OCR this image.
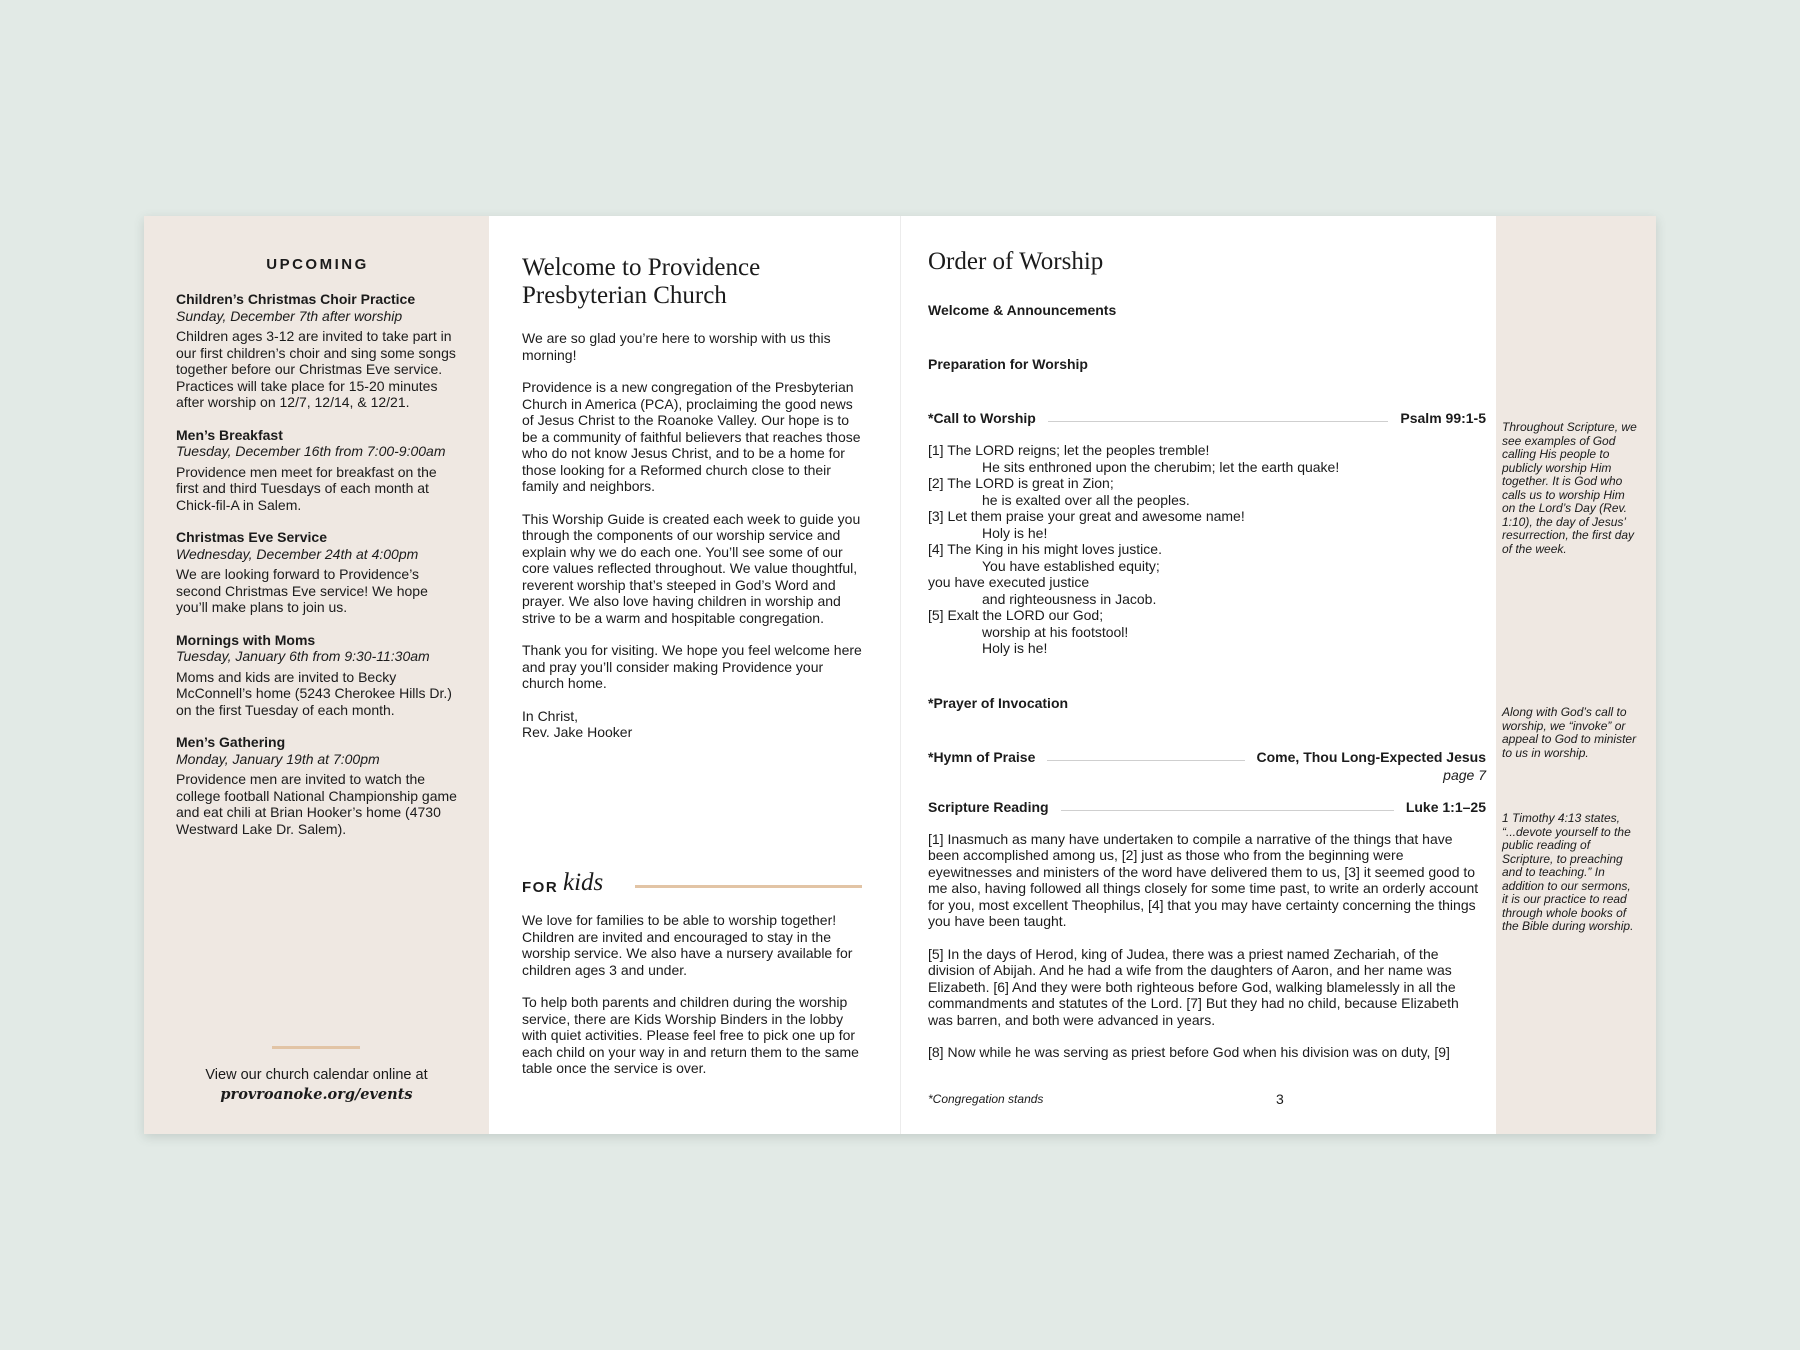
UPCOMING
Children’s Christmas Choir Practice
Sunday, December 7th after worship
Children ages 3-12 are invited to take part in our first children’s choir and sing some songs together before our Christmas Eve service. Practices will take place for 15-20 minutes after worship on 12/7, 12/14, & 12/21.
Men’s Breakfast
Tuesday, December 16th from 7:00-9:00am
Providence men meet for breakfast on the first and third Tuesdays of each month at Chick-fil-A in Salem.
Christmas Eve Service
Wednesday, December 24th at 4:00pm
We are looking forward to Providence’s second Christmas Eve service! We hope you’ll make plans to join us.
Mornings with Moms
Tuesday, January 6th from 9:30-11:30am
Moms and kids are invited to Becky McConnell’s home (5243 Cherokee Hills Dr.) on the first Tuesday of each month.
Men’s Gathering
Monday, January 19th at 7:00pm
Providence men are invited to watch the college football National Championship game and eat chili at Brian Hooker’s home (4730 Westward Lake Dr. Salem).
View our church calendar online at
provroanoke.org/events
Welcome to Providence
Presbyterian Church

We are so glad you’re here to worship with us this morning!

Providence is a new congregation of the Presbyterian Church in America (PCA), proclaiming the good news of Jesus Christ to the Roanoke Valley. Our hope is to be a community of faithful believers that reaches those who do not know Jesus Christ, and to be a home for those looking for a Reformed church close to their family and neighbors.

This Worship Guide is created each week to guide you through the components of our worship service and explain why we do each one. You’ll see some of our core values reflected throughout. We value thoughtful, reverent worship that’s steeped in God’s Word and prayer. We also love having children in worship and strive to be a warm and hospitable congregation.

Thank you for visiting. We hope you feel welcome here and pray you’ll consider making Providence your church home.

In Christ,
Rev. Jake Hooker

FOR kids

We love for families to be able to worship together! Children are invited and encouraged to stay in the worship service. We also have a nursery available for children ages 3 and under.

To help both parents and children during the worship service, there are Kids Worship Binders in the lobby with quiet activities. Please feel free to pick one up for each child on your way in and return them to the same table once the service is over.

Order of Worship
Welcome & Announcements
Preparation for Worship
*Call to Worship	Psalm 99:1-5
[1] The LORD reigns; let the peoples tremble!
He sits enthroned upon the cherubim; let the earth quake!
[2] The LORD is great in Zion;
he is exalted over all the peoples.
[3] Let them praise your great and awesome name!
Holy is he!
[4] The King in his might loves justice.
You have established equity;
you have executed justice
and righteousness in Jacob.
[5] Exalt the LORD our God;
worship at his footstool!
Holy is he!
*Prayer of Invocation
*Hymn of Praise	Come, Thou Long-Expected Jesus
page 7
Scripture Reading	Luke 1:1–25

[1] Inasmuch as many have undertaken to compile a narrative of the things that have been accomplished among us, [2] just as those who from the beginning were eyewitnesses and ministers of the word have delivered them to us, [3] it seemed good to me also, having followed all things closely for some time past, to write an orderly account for you, most excellent Theophilus, [4] that you may have certainty concerning the things you have been taught.

[5] In the days of Herod, king of Judea, there was a priest named Zechariah, of the division of Abijah. And he had a wife from the daughters of Aaron, and her name was Elizabeth. [6] And they were both righteous before God, walking blamelessly in all the commandments and statutes of the Lord. [7] But they had no child, because Elizabeth was barren, and both were advanced in years.

[8] Now while he was serving as priest before God when his division was on duty, [9]

*Congregation stands	3
Throughout Scripture, we see examples of God calling His people to publicly worship Him together. It is God who calls us to worship Him on the Lord’s Day (Rev. 1:10), the day of Jesus’ resurrection, the first day of the week.
Along with God’s call to worship, we “invoke” or appeal to God to minister to us in worship.
1 Timothy 4:13 states, “...devote yourself to the public reading of Scripture, to preaching and to teaching.” In addition to our sermons, it is our practice to read through whole books of the Bible during worship.
